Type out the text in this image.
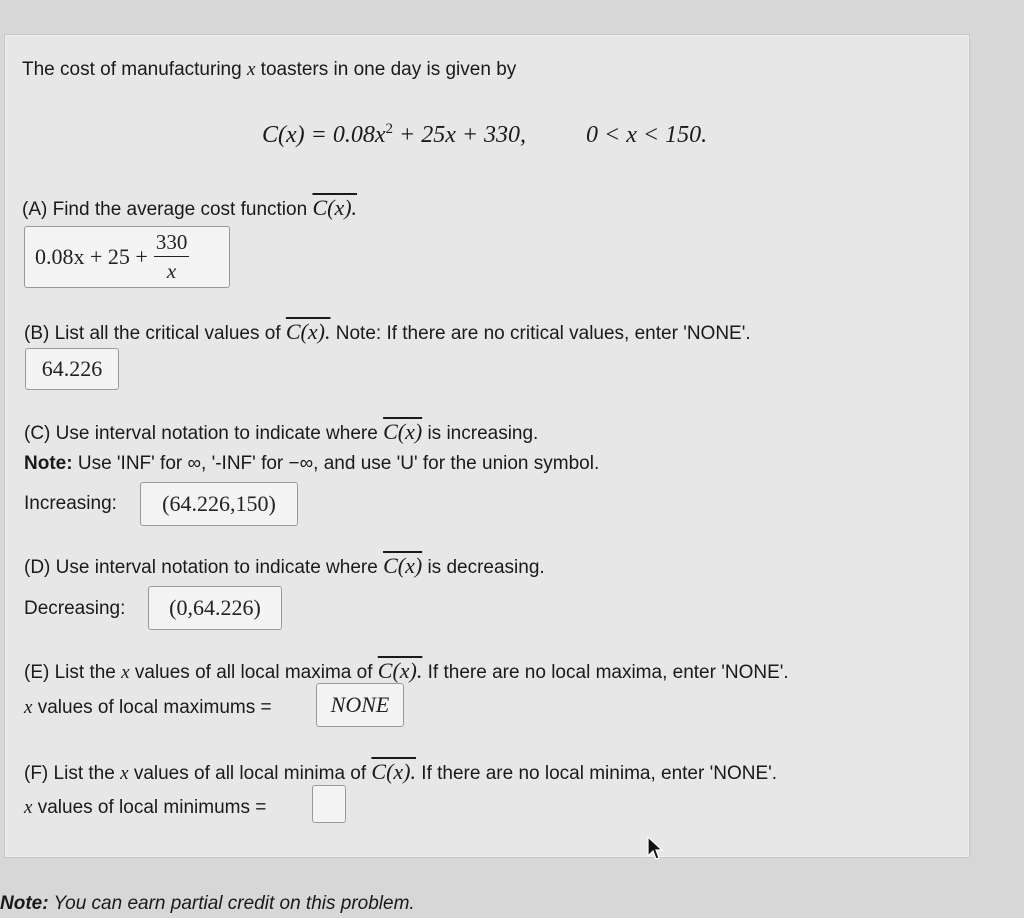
The cost of manufacturing x toasters in one day is given by
$C(x) = 0.08x^2 + 25x + 330$,	0 < x < 150.
(A) Find the average cost function C(x).
$0.08x + 25 + \frac{330}{x}$
(B) List all the critical values of C(x). Note: If there are no critical values, enter 'NONE'.
64.226
(C) Use interval notation to indicate where C(x) is increasing.
Note: Use 'INF' for ∞, '-INF' for −∞, and use 'U' for the union symbol.
Increasing: (64.226,150)
(D) Use interval notation to indicate where C(x) is decreasing.
Decreasing: (0,64.226)
(E) List the x values of all local maxima of C(x). If there are no local maxima, enter 'NONE'.
x values of local maximums =	NONE
(F) List the x values of all local minima of C(x). If there are no local minima, enter 'NONE'.
x values of local minimums =
Note: You can earn partial credit on this problem.
